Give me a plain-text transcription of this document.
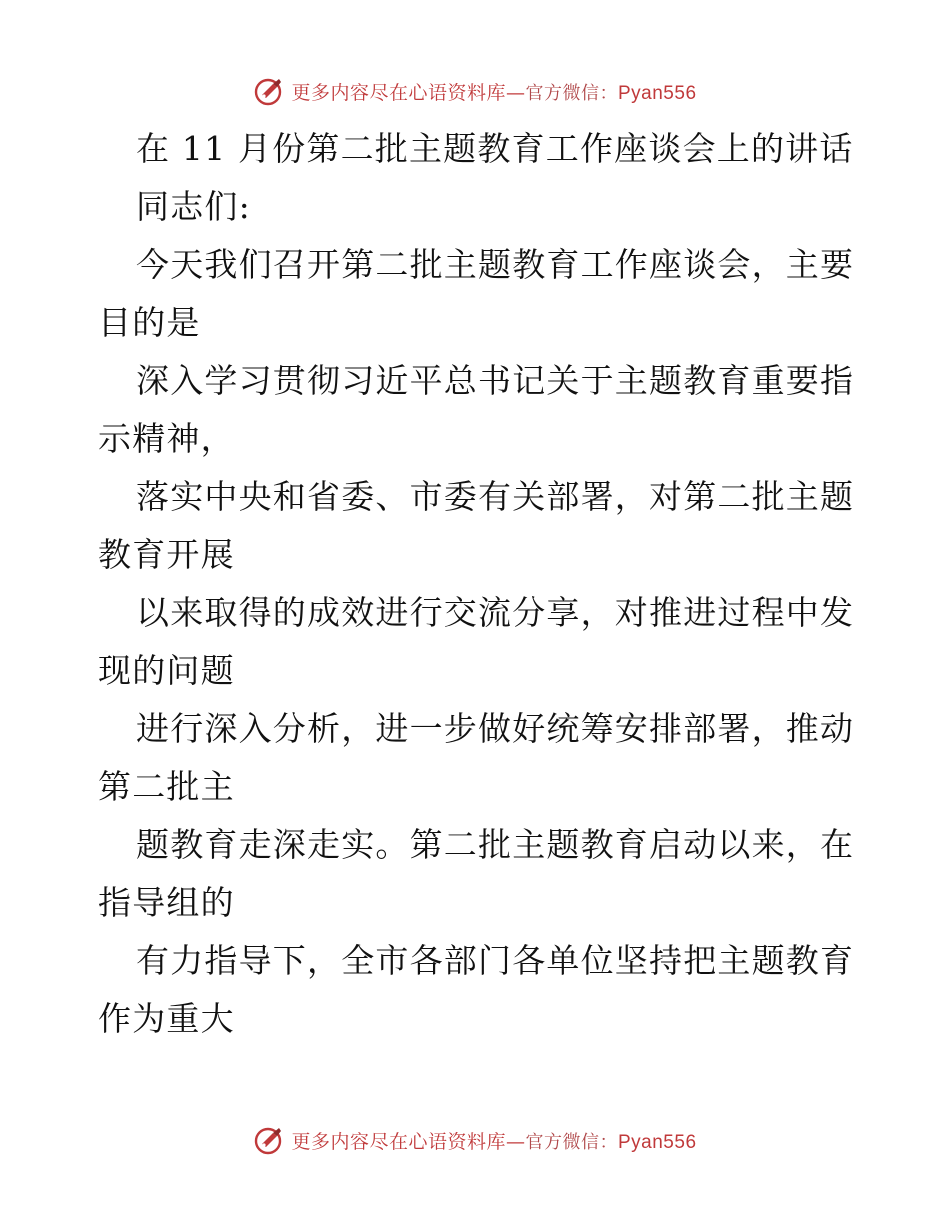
更多内容尽在心语资料库—官方微信：Pyan556
在 11 月份第二批主题教育工作座谈会上的讲话
同志们:
今天我们召开第二批主题教育工作座谈会，主要
目的是
深入学习贯彻习近平总书记关于主题教育重要指
示精神，
落实中央和省委、市委有关部署，对第二批主题
教育开展
以来取得的成效进行交流分享，对推进过程中发
现的问题
进行深入分析，进一步做好统筹安排部署，推动
第二批主
题教育走深走实。第二批主题教育启动以来，在
指导组的
有力指导下，全市各部门各单位坚持把主题教育
作为重大
更多内容尽在心语资料库—官方微信：Pyan556
